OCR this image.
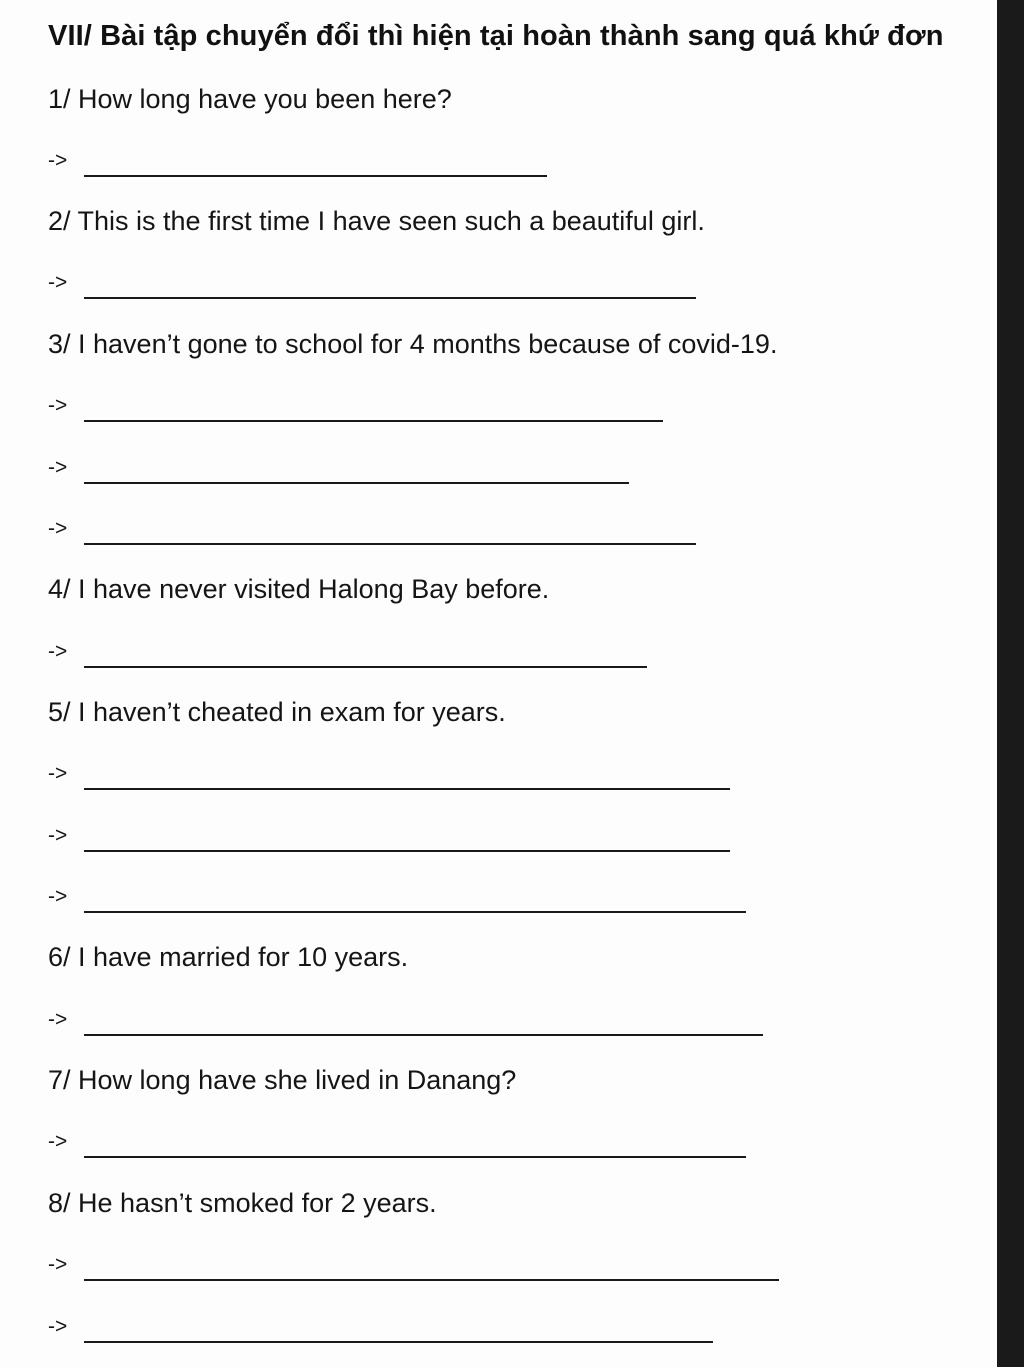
VII/ Bài tập chuyển đổi thì hiện tại hoàn thành sang quá khứ đơn
1/ How long have you been here?
->
2/ This is the first time I have seen such a beautiful girl.
->
3/ I haven’t gone to school for 4 months because of covid-19.
->
->
->
4/ I have never visited Halong Bay before.
->
5/ I haven’t cheated in exam for years.
->
->
->
6/ I have married for 10 years.
->
7/ How long have she lived in Danang?
->
8/ He hasn’t smoked for 2 years.
->
->
